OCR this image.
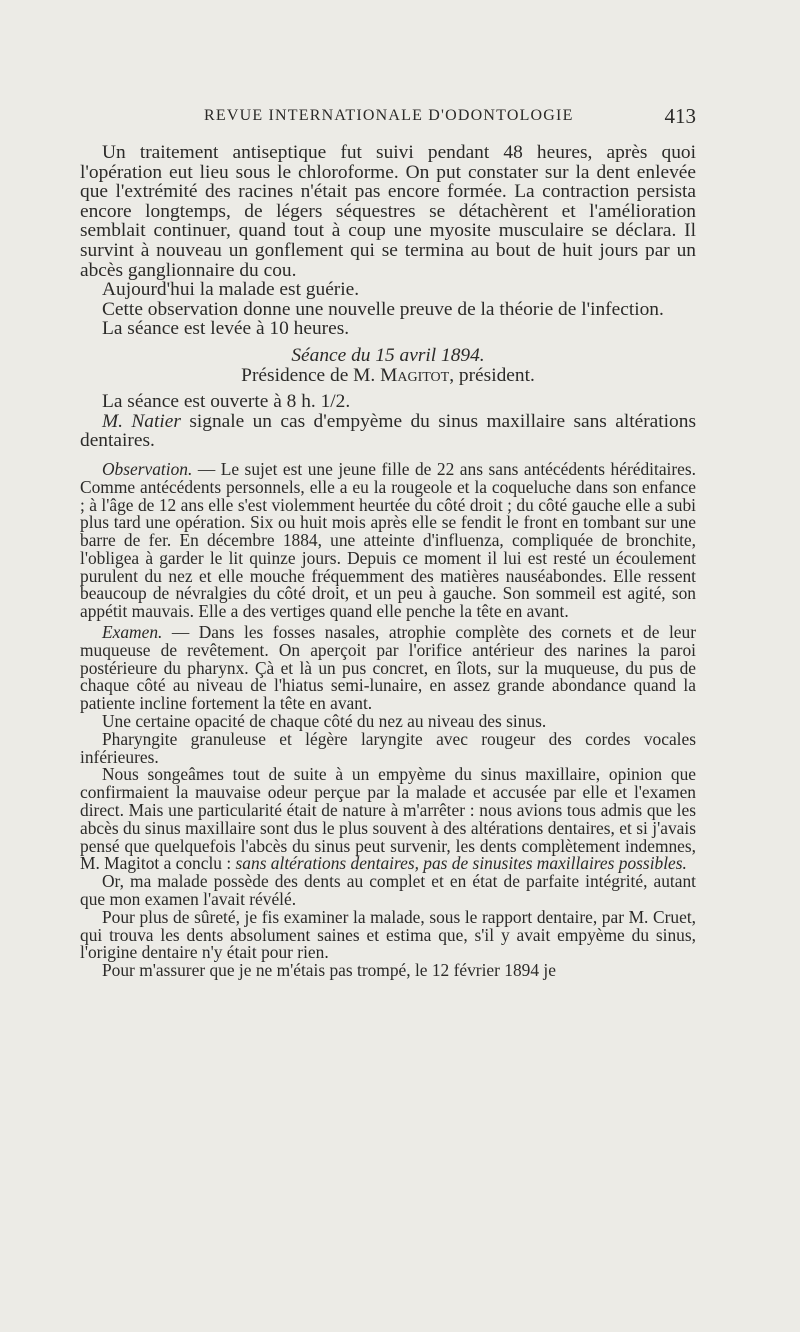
REVUE INTERNATIONALE D'ODONTOLOGIE	413

Un traitement antiseptique fut suivi pendant 48 heures, après quoi l'opération eut lieu sous le chloroforme. On put constater sur la dent enlevée que l'extrémité des racines n'était pas encore formée. La contraction persista encore longtemps, de légers séquestres se détachèrent et l'amélioration semblait continuer, quand tout à coup une myosite musculaire se déclara. Il survint à nouveau un gonflement qui se termina au bout de huit jours par un abcès ganglionnaire du cou.

Aujourd'hui la malade est guérie.

Cette observation donne une nouvelle preuve de la théorie de l'infection.

La séance est levée à 10 heures.

Séance du 15 avril 1894.

Présidence de M. Magitot, président.

La séance est ouverte à 8 h. 1/2.

M. Natier signale un cas d'empyème du sinus maxillaire sans altérations dentaires.

Observation. — Le sujet est une jeune fille de 22 ans sans antécédents héréditaires. Comme antécédents personnels, elle a eu la rougeole et la coqueluche dans son enfance ; à l'âge de 12 ans elle s'est violemment heurtée du côté droit ; du côté gauche elle a subi plus tard une opération. Six ou huit mois après elle se fendit le front en tombant sur une barre de fer. En décembre 1884, une atteinte d'influenza, compliquée de bronchite, l'obligea à garder le lit quinze jours. Depuis ce moment il lui est resté un écoulement purulent du nez et elle mouche fréquemment des matières nauséabondes. Elle ressent beaucoup de névralgies du côté droit, et un peu à gauche. Son sommeil est agité, son appétit mauvais. Elle a des vertiges quand elle penche la tête en avant.

Examen. — Dans les fosses nasales, atrophie complète des cornets et de leur muqueuse de revêtement. On aperçoit par l'orifice antérieur des narines la paroi postérieure du pharynx. Çà et là un pus concret, en îlots, sur la muqueuse, du pus de chaque côté au niveau de l'hiatus semi-lunaire, en assez grande abondance quand la patiente incline fortement la tête en avant.

Une certaine opacité de chaque côté du nez au niveau des sinus.

Pharyngite granuleuse et légère laryngite avec rougeur des cordes vocales inférieures.

Nous songeâmes tout de suite à un empyème du sinus maxillaire, opinion que confirmaient la mauvaise odeur perçue par la malade et accusée par elle et l'examen direct. Mais une particularité était de nature à m'arrêter : nous avions tous admis que les abcès du sinus maxillaire sont dus le plus souvent à des altérations dentaires, et si j'avais pensé que quelquefois l'abcès du sinus peut survenir, les dents complètement indemnes, M. Magitot a conclu : sans altérations dentaires, pas de sinusites maxillaires possibles.

Or, ma malade possède des dents au complet et en état de parfaite intégrité, autant que mon examen l'avait révélé.

Pour plus de sûreté, je fis examiner la malade, sous le rapport dentaire, par M. Cruet, qui trouva les dents absolument saines et estima que, s'il y avait empyème du sinus, l'origine dentaire n'y était pour rien.

Pour m'assurer que je ne m'étais pas trompé, le 12 février 1894 je
